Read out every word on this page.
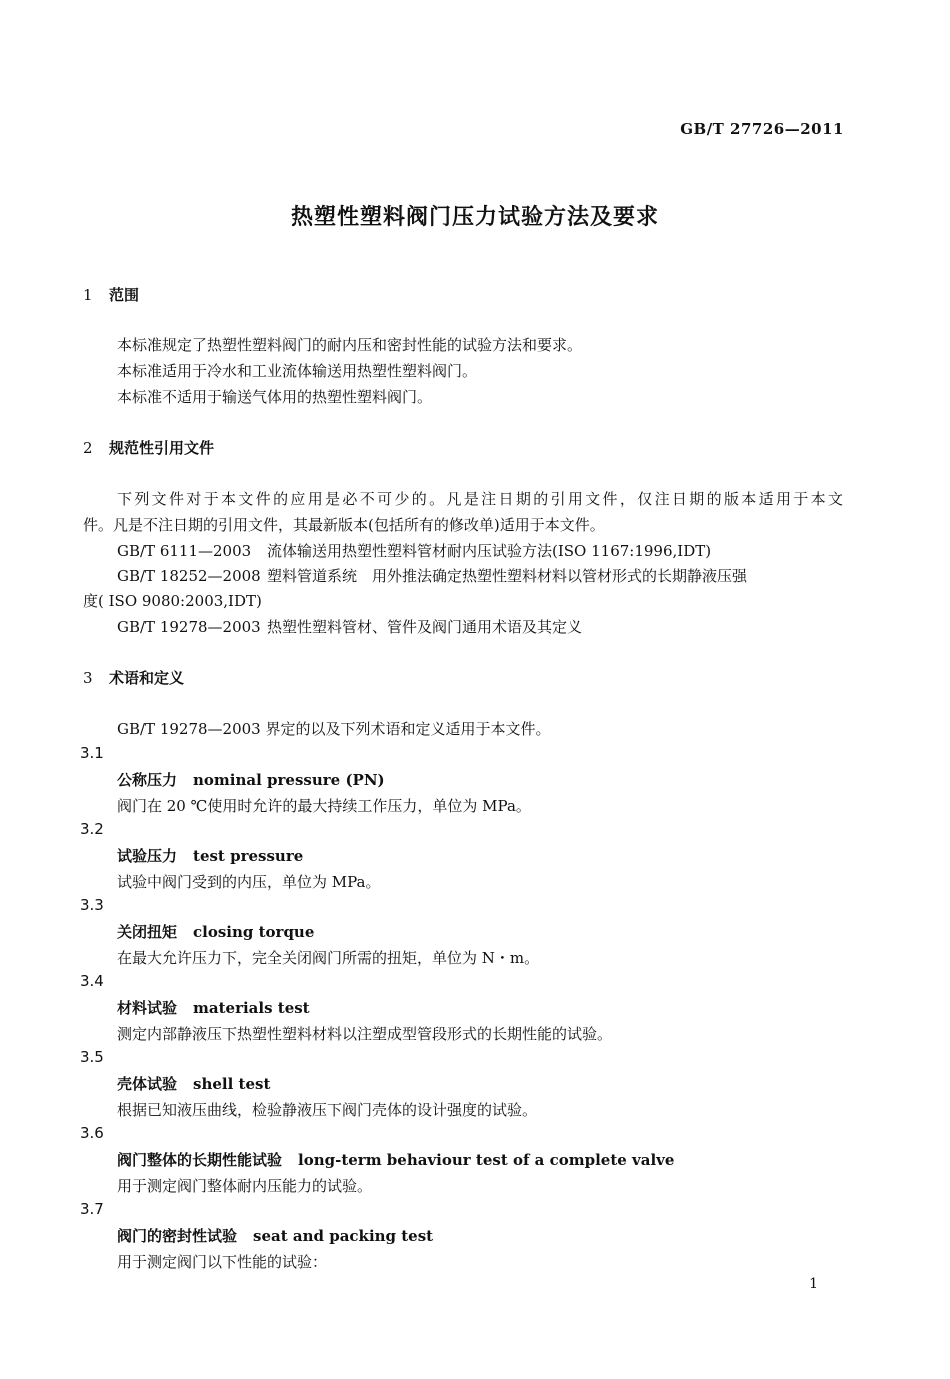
GB/T 27726—2011
热塑性塑料阀门压力试验方法及要求
1 范围
本标准规定了热塑性塑料阀门的耐内压和密封性能的试验方法和要求。
本标准适用于冷水和工业流体输送用热塑性塑料阀门。
本标准不适用于输送气体用的热塑性塑料阀门。
2 规范性引用文件
下列文件对于本文件的应用是必不可少的。凡是注日期的引用文件，仅注日期的版本适用于本文
件。凡是不注日期的引用文件，其最新版本(包括所有的修改单)适用于本文件。
GB/T 6111—2003 流体输送用热塑性塑料管材耐内压试验方法(ISO 1167:1996,IDT)
GB/T 18252—2008 塑料管道系统　用外推法确定热塑性塑料材料以管材形式的长期静液压强
度( ISO 9080:2003,IDT)
GB/T 19278—2003 热塑性塑料管材、管件及阀门通用术语及其定义
3 术语和定义
GB/T 19278—2003 界定的以及下列术语和定义适用于本文件。
3.1
公称压力 nominal pressure (PN)
阀门在 20 ℃使用时允许的最大持续工作压力，单位为 MPa。
3.2
试验压力 test pressure
试验中阀门受到的内压，单位为 MPa。
3.3
关闭扭矩 closing torque
在最大允许压力下，完全关闭阀门所需的扭矩，单位为 N・m。
3.4
材料试验 materials test
测定内部静液压下热塑性塑料材料以注塑成型管段形式的长期性能的试验。
3.5
壳体试验 shell test
根据已知液压曲线，检验静液压下阀门壳体的设计强度的试验。
3.6
阀门整体的长期性能试验 long-term behaviour test of a complete valve
用于测定阀门整体耐内压能力的试验。
3.7
阀门的密封性试验 seat and packing test
用于测定阀门以下性能的试验：
1
